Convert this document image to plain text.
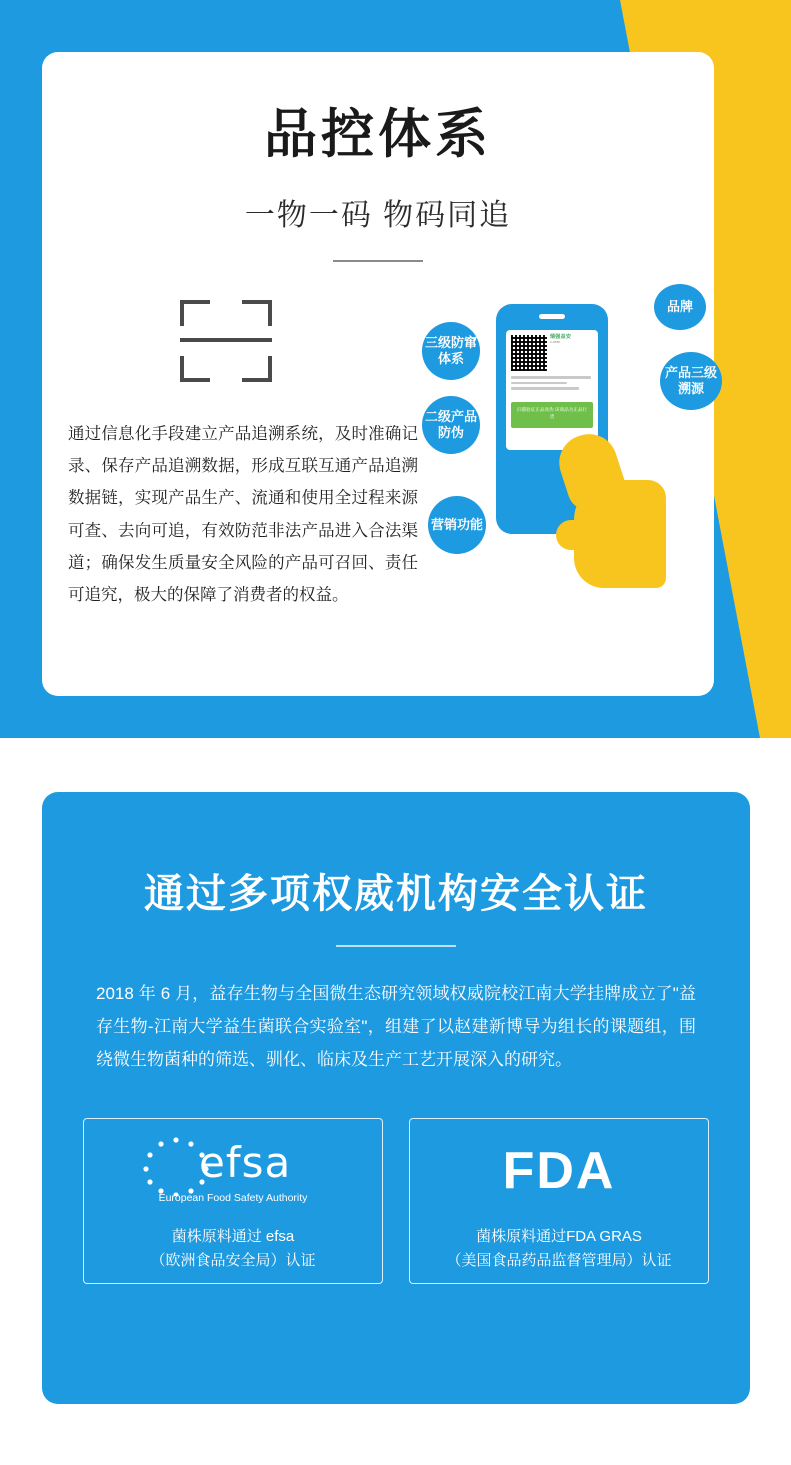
品控体系
一物一码 物码同追
通过信息化手段建立产品追溯系统，及时准确记录、保存产品追溯数据，形成互联互通产品追溯数据链，实现产品生产、流通和使用全过程来源可查、去向可追，有效防范非法产品进入合法渠道；确保发生质量安全风险的产品可召回、责任可追究，极大的保障了消费者的权益。
瑞强益安
c-rean
扫描验证正品真伪 该商品为正品行货
三级防窜体系
二级产品防伪
营销功能
品牌
产品三级溯源
通过多项权威机构安全认证
2018 年 6 月，益存生物与全国微生态研究领域权威院校江南大学挂牌成立了"益存生物-江南大学益生菌联合实验室"，组建了以赵建新博导为组长的课题组，围绕微生物菌种的筛选、驯化、临床及生产工艺开展深入的研究。
efsa
European Food Safety Authority
菌株原料通过 efsa
（欧洲食品安全局）认证
FDA
菌株原料通过FDA GRAS
（美国食品药品监督管理局）认证
